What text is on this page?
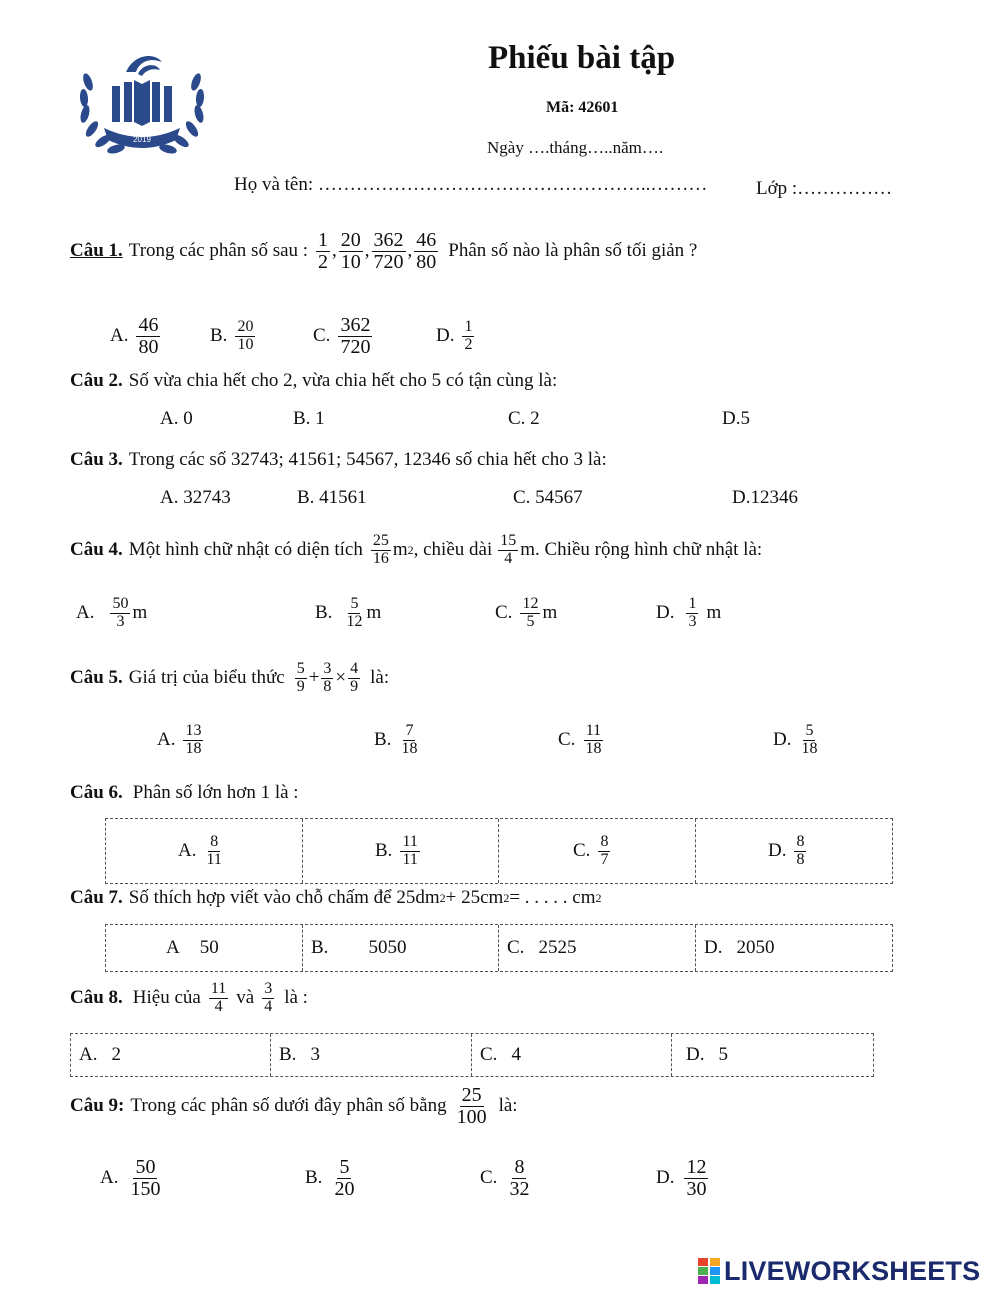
2019
Phiếu bài tập
Mã: 42601
Ngày ….tháng…..năm….
Họ và tên: ……………………………………………..………	Lớp :……………
Câu 1. Trong các phân số sau : $\frac{1}{2}$ , $\frac{20}{10}$ , $\frac{362}{720}$ , $\frac{46}{80}$ Phân số nào là phân số tối giản ?
A. $\frac{46}{80}$	B. $\frac{20}{10}$	C. $\frac{362}{720}$	D. $\frac{1}{2}$
Câu 2. Số vừa chia hết cho 2, vừa chia hết cho 5 có tận cùng là:
A. 0	B. 1	C. 2	D.5
Câu 3. Trong các số 32743; 41561; 54567, 12346 số chia hết cho 3 là:
A. 32743	B. 41561	C. 54567	D.12346
Câu 4. Một hình chữ nhật có diện tích $\frac{25}{16}$ m 2 , chiều dài $\frac{15}{4} m$. Chiều rộng hình chữ nhật là:
A. $\frac{50}{3}$ m	B. $\frac{5}{12}$ m	C. $\frac{12}{5}$ m	D. $\frac{1}{3}$ m
Câu 5. Giá trị của biểu thức $\frac{5}{9} + \frac{3}{8} \times \frac{4}{9}$ là:
A. $\frac{13}{18}$	B. $\frac{7}{18}$	C. $\frac{11}{18}$	D. $\frac{5}{18}$
Câu 6. Phân số lớn hơn 1 là :
A. $\frac{8}{11}$	B. $\frac{11}{11}$	C. $\frac{8}{7}$	D. $\frac{8}{8}$
Câu 7. Số thích hợp viết vào chỗ chấm để 25dm 2 + 25cm 2 = . . . . . cm 2
A 50	B. 5050	C. 2525	D. 2050
Câu 8. Hiệu của $\frac{11}{4}$ và $\frac{3}{4}$ là :
A. 2	B. 3	C. 4	D. 5
Câu 9: Trong các phân số dưới đây phân số bằng $\frac{25}{100}$ là:
A. $\frac{50}{150}$	B. $\frac{5}{20}$	C. $\frac{8}{32}$	D. $\frac{12}{30}$
LIVEWORKSHEETS
